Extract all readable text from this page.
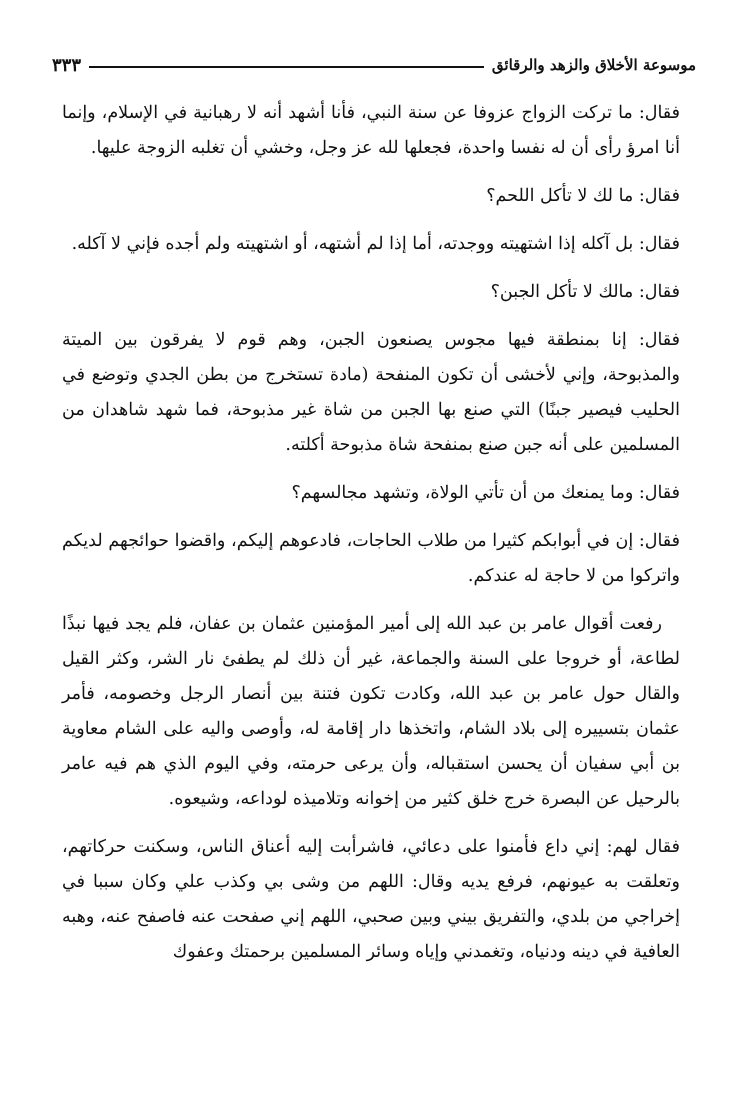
موسوعة الأخلاق والزهد والرقائق
٣٣٣

فقال: ما تركت الزواج عزوفا عن سنة النبي، فأنا أشهد أنه لا رهبانية في الإسلام، وإنما أنا امرؤ رأى أن له نفسا واحدة، فجعلها لله عز وجل، وخشي أن تغلبه الزوجة عليها.

فقال: ما لك لا تأكل اللحم؟

فقال: بل آكله إذا اشتهيته ووجدته، أما إذا لم أشتهه، أو اشتهيته ولم أجده فإني لا آكله.

فقال: مالك لا تأكل الجبن؟

فقال: إنا بمنطقة فيها مجوس يصنعون الجبن، وهم قوم لا يفرقون بين الميتة والمذبوحة، وإني لأخشى أن تكون المنفحة (مادة تستخرج من بطن الجدي وتوضع في الحليب فيصير جبنًا) التي صنع بها الجبن من شاة غير مذبوحة، فما شهد شاهدان من المسلمين على أنه جبن صنع بمنفحة شاة مذبوحة أكلته.

فقال: وما يمنعك من أن تأتي الولاة، وتشهد مجالسهم؟

فقال: إن في أبوابكم كثيرا من طلاب الحاجات، فادعوهم إليكم، واقضوا حوائجهم لديكم واتركوا من لا حاجة له عندكم.

رفعت أقوال عامر بن عبد الله إلى أمير المؤمنين عثمان بن عفان، فلم يجد فيها نبذًا لطاعة، أو خروجا على السنة والجماعة، غير أن ذلك لم يطفئ نار الشر، وكثر القيل والقال حول عامر بن عبد الله، وكادت تكون فتنة بين أنصار الرجل وخصومه، فأمر عثمان بتسييره إلى بلاد الشام، واتخذها دار إقامة له، وأوصى واليه على الشام معاوية بن أبي سفيان أن يحسن استقباله، وأن يرعى حرمته، وفي اليوم الذي هم فيه عامر بالرحيل عن البصرة خرج خلق كثير من إخوانه وتلاميذه لوداعه، وشيعوه.

فقال لهم: إني داع فأمنوا على دعائي، فاشرأبت إليه أعناق الناس، وسكنت حركاتهم، وتعلقت به عيونهم، فرفع يديه وقال: اللهم من وشى بي وكذب علي وكان سببا في إخراجي من بلدي، والتفريق بيني وبين صحبي، اللهم إني صفحت عنه فاصفح عنه، وهبه العافية في دينه ودنياه، وتغمدني وإياه وسائر المسلمين برحمتك وعفوك
